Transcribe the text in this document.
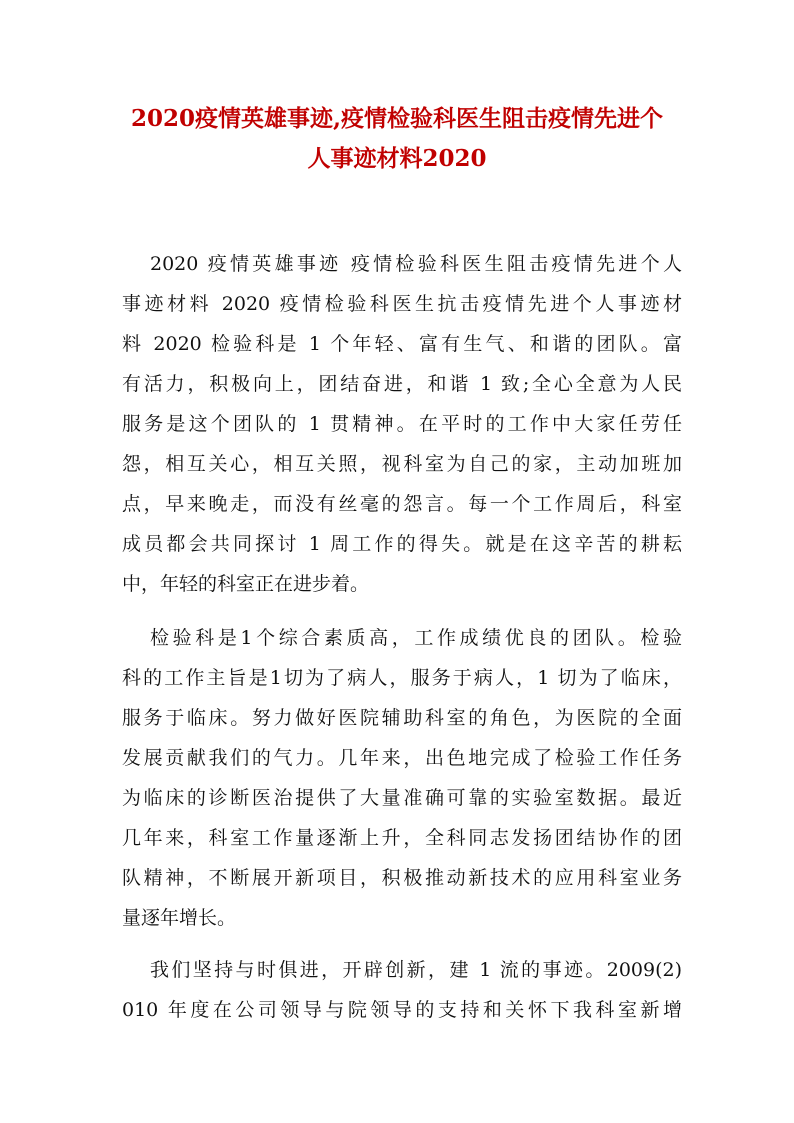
2020疫情英雄事迹,疫情检验科医生阻击疫情先进个
人事迹材料2020
2020 疫情英雄事迹 疫情检验科医生阻击疫情先进个人
事迹材料 2020 疫情检验科医生抗击疫情先进个人事迹材
料 2020 检验科是 1 个年轻、富有生气、和谐的团队。富
有活力，积极向上，团结奋进，和谐 1 致;全心全意为人民
服务是这个团队的 1 贯精神。在平时的工作中大家任劳任
怨，相互关心，相互关照，视科室为自己的家，主动加班加
点，早来晚走，而没有丝毫的怨言。每一个工作周后，科室
成员都会共同探讨 1 周工作的得失。就是在这辛苦的耕耘
中，年轻的科室正在进步着。
检验科是1个综合素质高，工作成绩优良的团队。检验
科的工作主旨是1切为了病人，服务于病人，1 切为了临床，
服务于临床。努力做好医院辅助科室的角色，为医院的全面
发展贡献我们的气力。几年来，出色地完成了检验工作任务
为临床的诊断医治提供了大量准确可靠的实验室数据。最近
几年来，科室工作量逐渐上升，全科同志发扬团结协作的团
队精神，不断展开新项目，积极推动新技术的应用科室业务
量逐年增长。
我们坚持与时俱进，开辟创新，建 1 流的事迹。2009(2)
010 年度在公司领导与院领导的支持和关怀下我科室新增
